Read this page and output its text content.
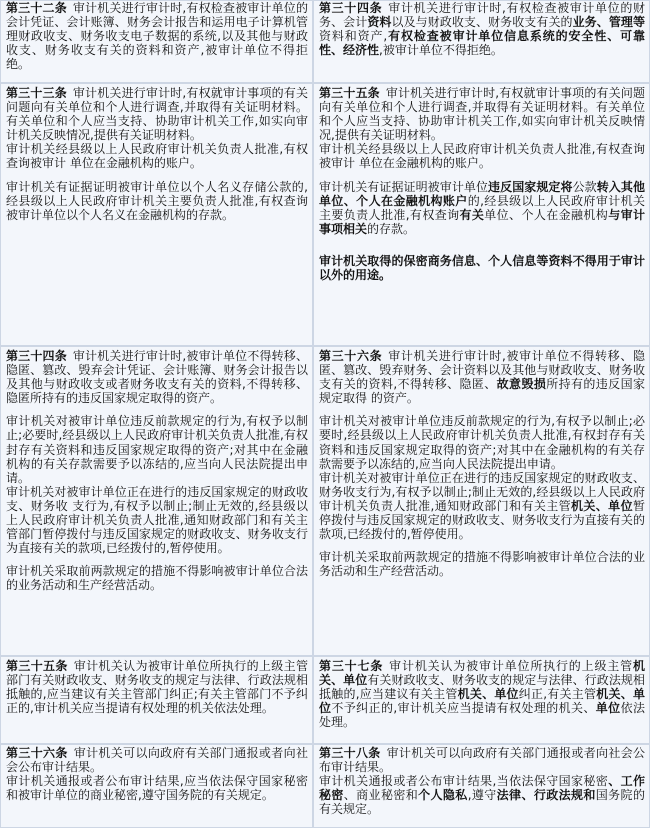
第三十二条 审计机关进行审计时,有权检查被审计单位的会计凭证、会计账簿、财务会计报告和运用电子计算机管理财政收支、财务收支电子数据的系统,以及其他与财政收支、财务收支有关的资料和资产,被审计单位不得拒绝。

第三十四条 审计机关进行审计时,有权检查被审计单位的财务、会计资料以及与财政收支、财务收支有关的业务、管理等资料和资产,有权检查被审计单位信息系统的安全性、可靠性、经济性,被审计单位不得拒绝。

第三十三条 审计机关进行审计时,有权就审计事项的有关问题向有关单位和个人进行调查,并取得有关证明材料。有关单位和个人应当支持、协助审计机关工作,如实向审计机关反映情况,提供有关证明材料。

审计机关经县级以上人民政府审计机关负责人批准,有权查询被审计 单位在金融机构的账户。

审计机关有证据证明被审计单位以个人名义存储公款的,经县级以上人民政府审计机关主要负责人批准,有权查询被审计单位以个人名义在金融机构的存款。

第三十五条 审计机关进行审计时,有权就审计事项的有关问题向有关单位和个人进行调查,并取得有关证明材料。有关单位和个人应当支持、协助审计机关工作,如实向审计机关反映情况,提供有关证明材料。

审计机关经县级以上人民政府审计机关负责人批准,有权查询被审计 单位在金融机构的账户。

审计机关有证据证明被审计单位违反国家规定将公款转入其他单位、个人在金融机构账户的,经县级以上人民政府审计机关主要负责人批准,有权查询有关单位、个人在金融机构与审计事项相关的存款。

审计机关取得的保密商务信息、个人信息等资料不得用于审计以外的用途。

第三十四条 审计机关进行审计时,被审计单位不得转移、隐匿、篡改、毁弃会计凭证、会计账簿、财务会计报告以及其他与财政收支或者财务收支有关的资料,不得转移、隐匿所持有的违反国家规定取得的资产。

审计机关对被审计单位违反前款规定的行为,有权予以制止;必要时,经县级以上人民政府审计机关负责人批准,有权封存有关资料和违反国家规定取得的资产;对其中在金融机构的有关存款需要予以冻结的,应当向人民法院提出申请。

审计机关对被审计单位正在进行的违反国家规定的财政收支、财务收 支行为,有权予以制止;制止无效的,经县级以上人民政府审计机关负责人批准,通知财政部门和有关主管部门暂停拨付与违反国家规定的财政收支、财务收支行为直接有关的款项,已经拨付的,暂停使用。

审计机关采取前两款规定的措施不得影响被审计单位合法的业务活动和生产经营活动。

第三十六条 审计机关进行审计时,被审计单位不得转移、隐匿、篡改、毁弃财务、会计资料以及其他与财政收支、财务收支有关的资料,不得转移、隐匿、故意毁损所持有的违反国家规定取得 的资产。

审计机关对被审计单位违反前款规定的行为,有权予以制止;必要时,经县级以上人民政府审计机关负责人批准,有权封存有关资料和违反国家规定取得的资产;对其中在金融机构的有关存款需要予以冻结的,应当向人民法院提出申请。

审计机关对被审计单位正在进行的违反国家规定的财政收支、财务收支行为,有权予以制止;制止无效的,经县级以上人民政府审计机关负责人批准,通知财政部门和有关主管机关、单位暂停拨付与违反国家规定的财政收支、财务收支行为直接有关的款项,已经拨付的,暂停使用。

审计机关采取前两款规定的措施不得影响被审计单位合法的业务活动和生产经营活动。

第三十五条 审计机关认为被审计单位所执行的上级主管部门有关财政收支、财务收支的规定与法律、行政法规相抵触的,应当建议有关主管部门纠正;有关主管部门不予纠正的,审计机关应当提请有权处理的机关依法处理。

第三十七条 审计机关认为被审计单位所执行的上级主管机关、单位有关财政收支、财务收支的规定与法律、行政法规相抵触的,应当建议有关主管机关、单位纠正,有关主管机关、单位不予纠正的,审计机关应当提请有权处理的机关、单位依法处理。

第三十六条 审计机关可以向政府有关部门通报或者向社会公布审计结果。

审计机关通报或者公布审计结果,应当依法保守国家秘密和被审计单位的商业秘密,遵守国务院的有关规定。

第三十八条 审计机关可以向政府有关部门通报或者向社会公布审计结果。

审计机关通报或者公布审计结果,当依法保守国家秘密、工作秘密、商业秘密和个人隐私,遵守法律、行政法规和国务院的有关规定。
